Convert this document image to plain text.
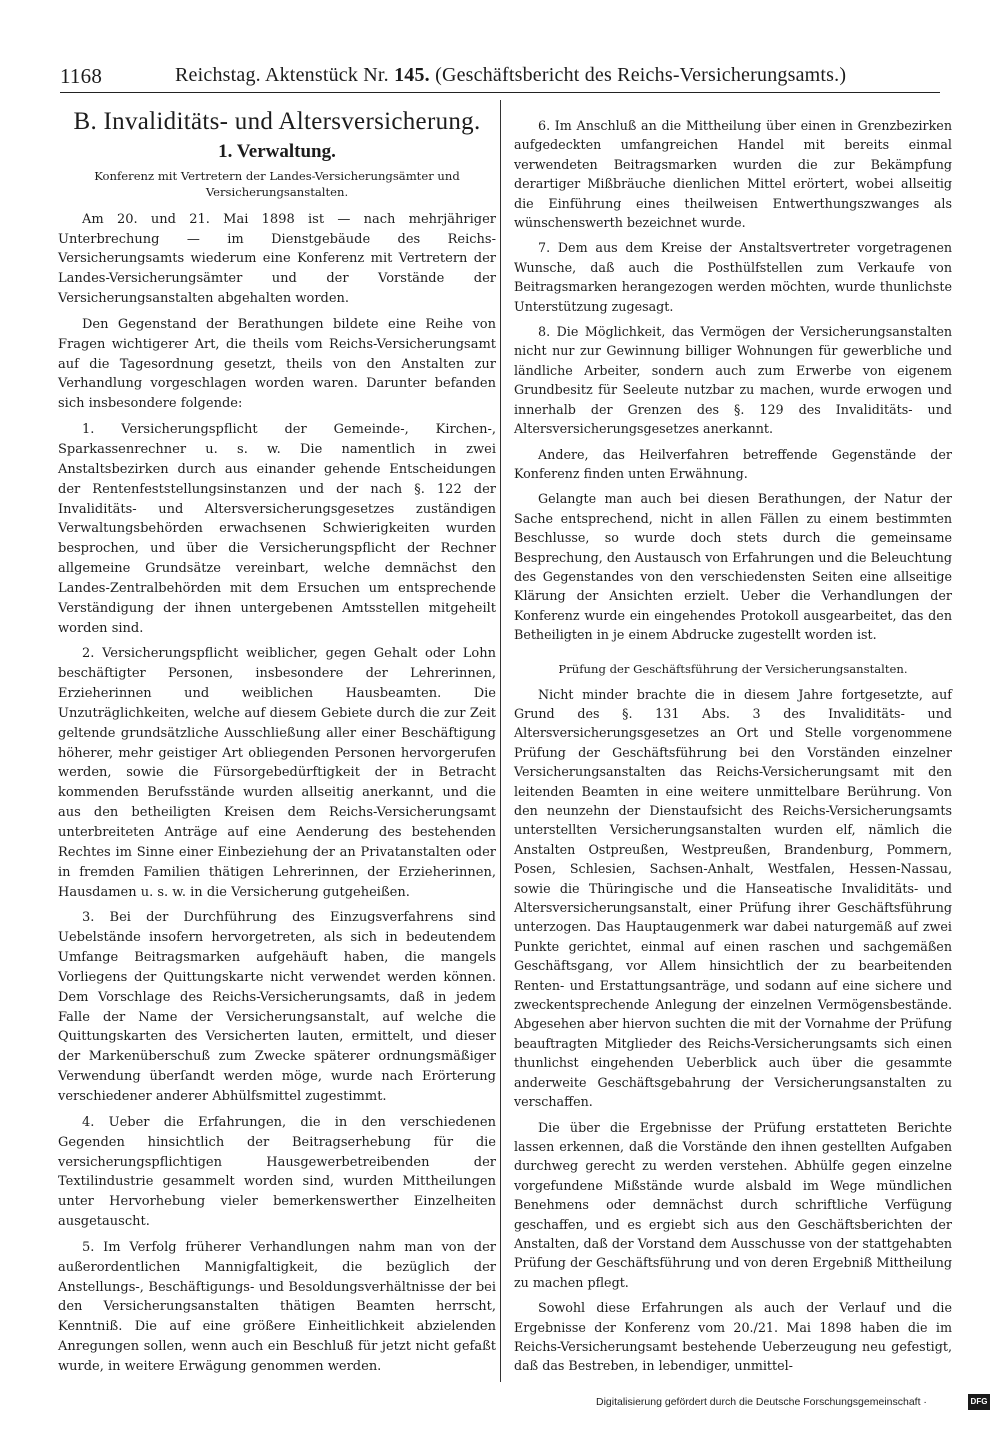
1168	Reichstag. Aktenstück Nr. 145. (Geschäftsbericht des Reichs-Versicherungsamts.)
B. Invaliditäts- und Altersversicherung.
1. Verwaltung.
Konferenz mit Vertretern der Landes-Versicherungsämter und Versicherungsanstalten.

Am 20. und 21. Mai 1898 ist — nach mehrjähriger Unterbrechung — im Dienstgebäude des Reichs-Versicherungsamts wiederum eine Konferenz mit Vertretern der Landes-Versicherungsämter und der Vorstände der Versicherungsanstalten abgehalten worden.

Den Gegenstand der Berathungen bildete eine Reihe von Fragen wichtigerer Art, die theils vom Reichs-Versicherungsamt auf die Tagesordnung gesetzt, theils von den Anstalten zur Verhandlung vorgeschlagen worden waren. Darunter befanden sich insbesondere folgende:

1. Versicherungspflicht der Gemeinde-, Kirchen-, Sparkassenrechner u. s. w. Die namentlich in zwei Anstaltsbezirken durch aus einander gehende Entscheidungen der Rentenfeststellungsinstanzen und der nach §. 122 der Invaliditäts- und Altersversicherungsgesetzes zuständigen Verwaltungsbehörden erwachsenen Schwierigkeiten wurden besprochen, und über die Versicherungspflicht der Rechner allgemeine Grundsätze vereinbart, welche demnächst den Landes-Zentralbehörden mit dem Ersuchen um entsprechende Verständigung der ihnen untergebenen Amtsstellen mitgeheilt worden sind.

2. Versicherungspflicht weiblicher, gegen Gehalt oder Lohn beschäftigter Personen, insbesondere der Lehrerinnen, Erzieherinnen und weiblichen Hausbeamten. Die Unzuträglichkeiten, welche auf diesem Gebiete durch die zur Zeit geltende grundsätzliche Ausschließung aller einer Beschäftigung höherer, mehr geistiger Art obliegenden Personen hervorgerufen werden, sowie die Fürsorgebedürftigkeit der in Betracht kommenden Berufsstände wurden allseitig anerkannt, und die aus den betheiligten Kreisen dem Reichs-Versicherungsamt unterbreiteten Anträge auf eine Aenderung des bestehenden Rechtes im Sinne einer Einbeziehung der an Privatanstalten oder in fremden Familien thätigen Lehrerinnen, der Erzieherinnen, Hausdamen u. s. w. in die Versicherung gutgeheißen.

3. Bei der Durchführung des Einzugsverfahrens sind Uebelstände insofern hervorgetreten, als sich in bedeutendem Umfange Beitragsmarken aufgehäuft haben, die mangels Vorliegens der Quittungskarte nicht verwendet werden können. Dem Vorschlage des Reichs-Versicherungsamts, daß in jedem Falle der Name der Versicherungsanstalt, auf welche die Quittungskarten des Versicherten lauten, ermittelt, und dieser der Markenüberschuß zum Zwecke späterer ordnungsmäßiger Verwendung überſandt werden möge, wurde nach Erörterung verschiedener anderer Abhülfsmittel zugestimmt.

4. Ueber die Erfahrungen, die in den verschiedenen Gegenden hinsichtlich der Beitragserhebung für die versicherungspflichtigen Hausgewerbetreibenden der Textilindustrie gesammelt worden sind, wurden Mittheilungen unter Hervorhebung vieler bemerkenswerther Einzelheiten ausgetauscht.

5. Im Verfolg früherer Verhandlungen nahm man von der außerordentlichen Mannigfaltigkeit, die bezüglich der Anstellungs-, Beschäftigungs- und Besoldungsverhältnisse der bei den Versicherungsanstalten thätigen Beamten herrscht, Kenntniß. Die auf eine größere Einheitlichkeit abzielenden Anregungen sollen, wenn auch ein Beschluß für jetzt nicht gefaßt wurde, in weitere Erwägung genommen werden.

6. Im Anschluß an die Mittheilung über einen in Grenzbezirken aufgedeckten umfangreichen Handel mit bereits einmal verwendeten Beitragsmarken wurden die zur Bekämpfung derartiger Mißbräuche dienlichen Mittel erörtert, wobei allseitig die Einführung eines theilweisen Entwerthungszwanges als wünschenswerth bezeichnet wurde.

7. Dem aus dem Kreise der Anstaltsvertreter vorgetragenen Wunsche, daß auch die Posthülfstellen zum Verkaufe von Beitragsmarken herangezogen werden möchten, wurde thunlichste Unterstützung zugesagt.

8. Die Möglichkeit, das Vermögen der Versicherungsanstalten nicht nur zur Gewinnung billiger Wohnungen für gewerbliche und ländliche Arbeiter, sondern auch zum Erwerbe von eigenem Grundbesitz für Seeleute nutzbar zu machen, wurde erwogen und innerhalb der Grenzen des §. 129 des Invaliditäts- und Altersversicherungsgesetzes anerkannt.

Andere, das Heilverfahren betreffende Gegenstände der Konferenz finden unten Erwähnung.

Gelangte man auch bei diesen Berathungen, der Natur der Sache entsprechend, nicht in allen Fällen zu einem bestimmten Beschlusse, so wurde doch stets durch die gemeinsame Besprechung, den Austausch von Erfahrungen und die Beleuchtung des Gegenstandes von den verschiedensten Seiten eine allseitige Klärung der Ansichten erzielt. Ueber die Verhandlungen der Konferenz wurde ein eingehendes Protokoll ausgearbeitet, das den Betheiligten in je einem Abdrucke zugestellt worden ist.

Prüfung der Geschäftsführung der Versicherungsanstalten.

Nicht minder brachte die in diesem Jahre fortgesetzte, auf Grund des §. 131 Abs. 3 des Invaliditäts- und Altersversicherungsgesetzes an Ort und Stelle vorgenommene Prüfung der Geschäftsführung bei den Vorständen einzelner Versicherungsanstalten das Reichs-Versicherungsamt mit den leitenden Beamten in eine weitere unmittelbare Berührung. Von den neunzehn der Dienstaufsicht des Reichs-Versicherungsamts unterstellten Versicherungsanstalten wurden elf, nämlich die Anstalten Ostpreußen, Westpreußen, Brandenburg, Pommern, Posen, Schlesien, Sachsen-Anhalt, Westfalen, Hessen-Nassau, sowie die Thüringische und die Hanseatische Invaliditäts- und Altersversicherungsanstalt, einer Prüfung ihrer Geschäftsführung unterzogen. Das Hauptaugenmerk war dabei naturgemäß auf zwei Punkte gerichtet, einmal auf einen raschen und sachgemäßen Geschäftsgang, vor Allem hinsichtlich der zu bearbeitenden Renten- und Erstattungsanträge, und sodann auf eine sichere und zweckentsprechende Anlegung der einzelnen Vermögensbestände. Abgesehen aber hiervon suchten die mit der Vornahme der Prüfung beauftragten Mitglieder des Reichs-Versicherungsamts sich einen thunlichst eingehenden Ueberblick auch über die gesammte anderweite Geschäftsgebahrung der Versicherungsanstalten zu verschaffen.

Die über die Ergebnisse der Prüfung erstatteten Berichte lassen erkennen, daß die Vorstände den ihnen gestellten Aufgaben durchweg gerecht zu werden verstehen. Abhülfe gegen einzelne vorgefundene Mißstände wurde alsbald im Wege mündlichen Benehmens oder demnächst durch schriftliche Verfügung geschaffen, und es ergiebt sich aus den Geschäftsberichten der Anstalten, daß der Vorstand dem Ausschusse von der stattgehabten Prüfung der Geschäftsführung und von deren Ergebniß Mittheilung zu machen pflegt.

Sowohl diese Erfahrungen als auch der Verlauf und die Ergebnisse der Konferenz vom 20./21. Mai 1898 haben die im Reichs-Versicherungsamt bestehende Ueberzeugung neu gefestigt, daß das Bestreben, in lebendiger, unmittel-

Digitalisierung gefördert durch die Deutsche Forschungsgemeinschaft ·	DFG
